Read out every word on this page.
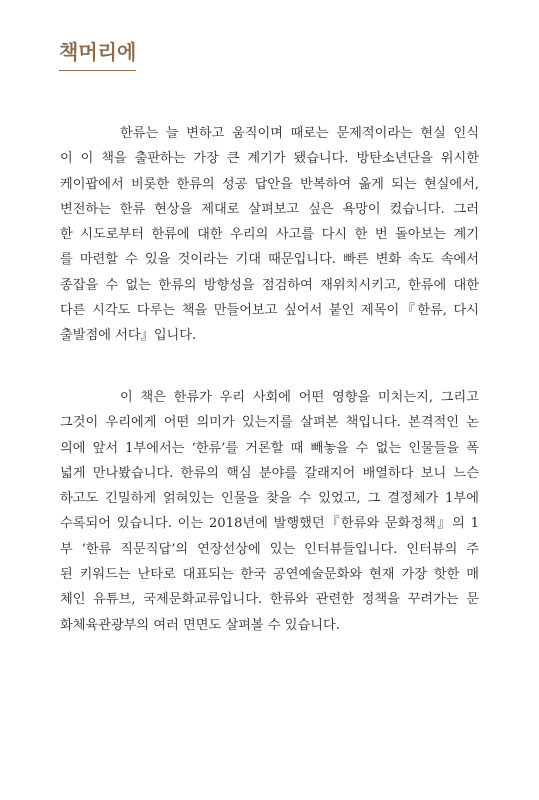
책머리에
한류는 늘 변하고 움직이며 때로는 문제적이라는 현실 인식
이 이 책을 출판하는 가장 큰 계기가 됐습니다. 방탄소년단을 위시한
케이팝에서 비롯한 한류의 성공 답안을 반복하여 옮게 되는 현실에서,
변전하는 한류 현상을 제대로 살펴보고 싶은 욕망이 컸습니다. 그러
한 시도로부터 한류에 대한 우리의 사고를 다시 한 번 돌아보는 계기
를 마련할 수 있을 것이라는 기대 때문입니다. 빠른 변화 속도 속에서
종잡을 수 없는 한류의 방향성을 점검하여 재위치시키고, 한류에 대한
다른 시각도 다루는 책을 만들어보고 싶어서 붙인 제목이『한류, 다시
출발점에 서다』입니다.
이 책은 한류가 우리 사회에 어떤 영향을 미치는지, 그리고
그것이 우리에게 어떤 의미가 있는지를 살펴본 책입니다. 본격적인 논
의에 앞서 1부에서는 ‘한류’를 거론할 때 빼놓을 수 없는 인물들을 폭
넓게 만나봤습니다. 한류의 핵심 분야를 갈래지어 배열하다 보니 느슨
하고도 긴밀하게 얽혀있는 인물을 찾을 수 있었고, 그 결정체가 1부에
수록되어 있습니다. 이는 2018년에 발행했던『한류와 문화정책』의 1
부 ‘한류 직문직답’의 연장선상에 있는 인터뷰들입니다. 인터뷰의 주
된 키워드는 난타로 대표되는 한국 공연예술문화와 현재 가장 핫한 매
체인 유튜브, 국제문화교류입니다. 한류와 관련한 정책을 꾸려가는 문
화체육관광부의 여러 면면도 살펴볼 수 있습니다.
